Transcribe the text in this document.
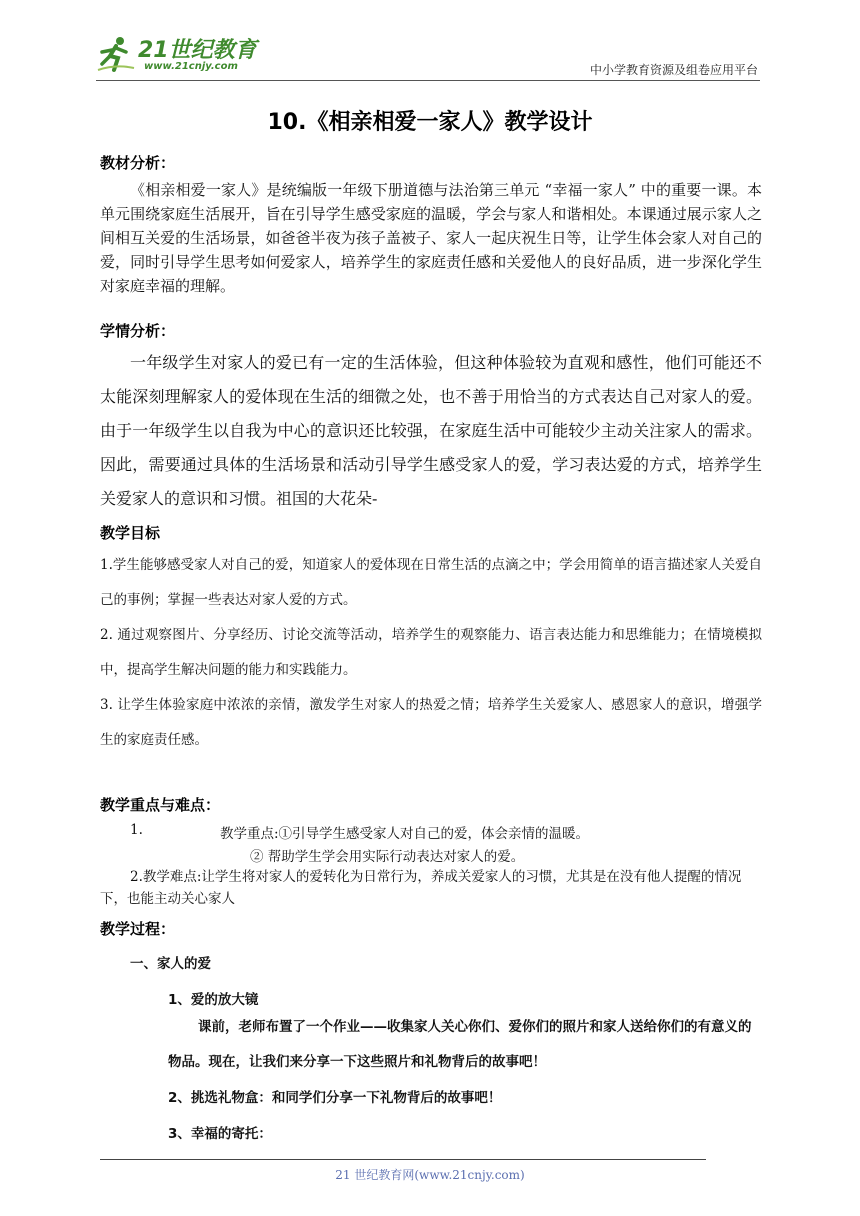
21世纪教育
www.21cnjy.com	中小学教育资源及组卷应用平台
10.《相亲相爱一家人》教学设计
教材分析：
《相亲相爱一家人》是统编版一年级下册道德与法治第三单元 “幸福一家人” 中的重要一课。本单元围绕家庭生活展开，旨在引导学生感受家庭的温暖，学会与家人和谐相处。本课通过展示家人之间相互关爱的生活场景，如爸爸半夜为孩子盖被子、家人一起庆祝生日等，让学生体会家人对自己的爱，同时引导学生思考如何爱家人，培养学生的家庭责任感和关爱他人的良好品质，进一步深化学生对家庭幸福的理解。
学情分析：
一年级学生对家人的爱已有一定的生活体验，但这种体验较为直观和感性，他们可能还不太能深刻理解家人的爱体现在生活的细微之处，也不善于用恰当的方式表达自己对家人的爱。由于一年级学生以自我为中心的意识还比较强，在家庭生活中可能较少主动关注家人的需求。因此，需要通过具体的生活场景和活动引导学生感受家人的爱，学习表达爱的方式，培养学生关爱家人的意识和习惯。祖国的大花朵-
教学目标
1.学生能够感受家人对自己的爱，知道家人的爱体现在日常生活的点滴之中；学会用简单的语言描述家人关爱自己的事例；掌握一些表达对家人爱的方式。
2. 通过观察图片、分享经历、讨论交流等活动，培养学生的观察能力、语言表达能力和思维能力；在情境模拟中，提高学生解决问题的能力和实践能力。
3. 让学生体验家庭中浓浓的亲情，激发学生对家人的热爱之情；培养学生关爱家人、感恩家人的意识，增强学生的家庭责任感。
教学重点与难点：
1.	教学重点:①引导学生感受家人对自己的爱，体会亲情的温暖。
② 帮助学生学会用实际行动表达对家人的爱。
2.教学难点:让学生将对家人的爱转化为日常行为，养成关爱家人的习惯，尤其是在没有他人提醒的情况下，也能主动关心家人
教学过程：
一、家人的爱
1、爱的放大镜
课前，老师布置了一个作业——收集家人关心你们、爱你们的照片和家人送给你们的有意义的物品。现在，让我们来分享一下这些照片和礼物背后的故事吧！
2、挑选礼物盒：和同学们分享一下礼物背后的故事吧！
3、幸福的寄托：
21 世纪教育网(www.21cnjy.com)
